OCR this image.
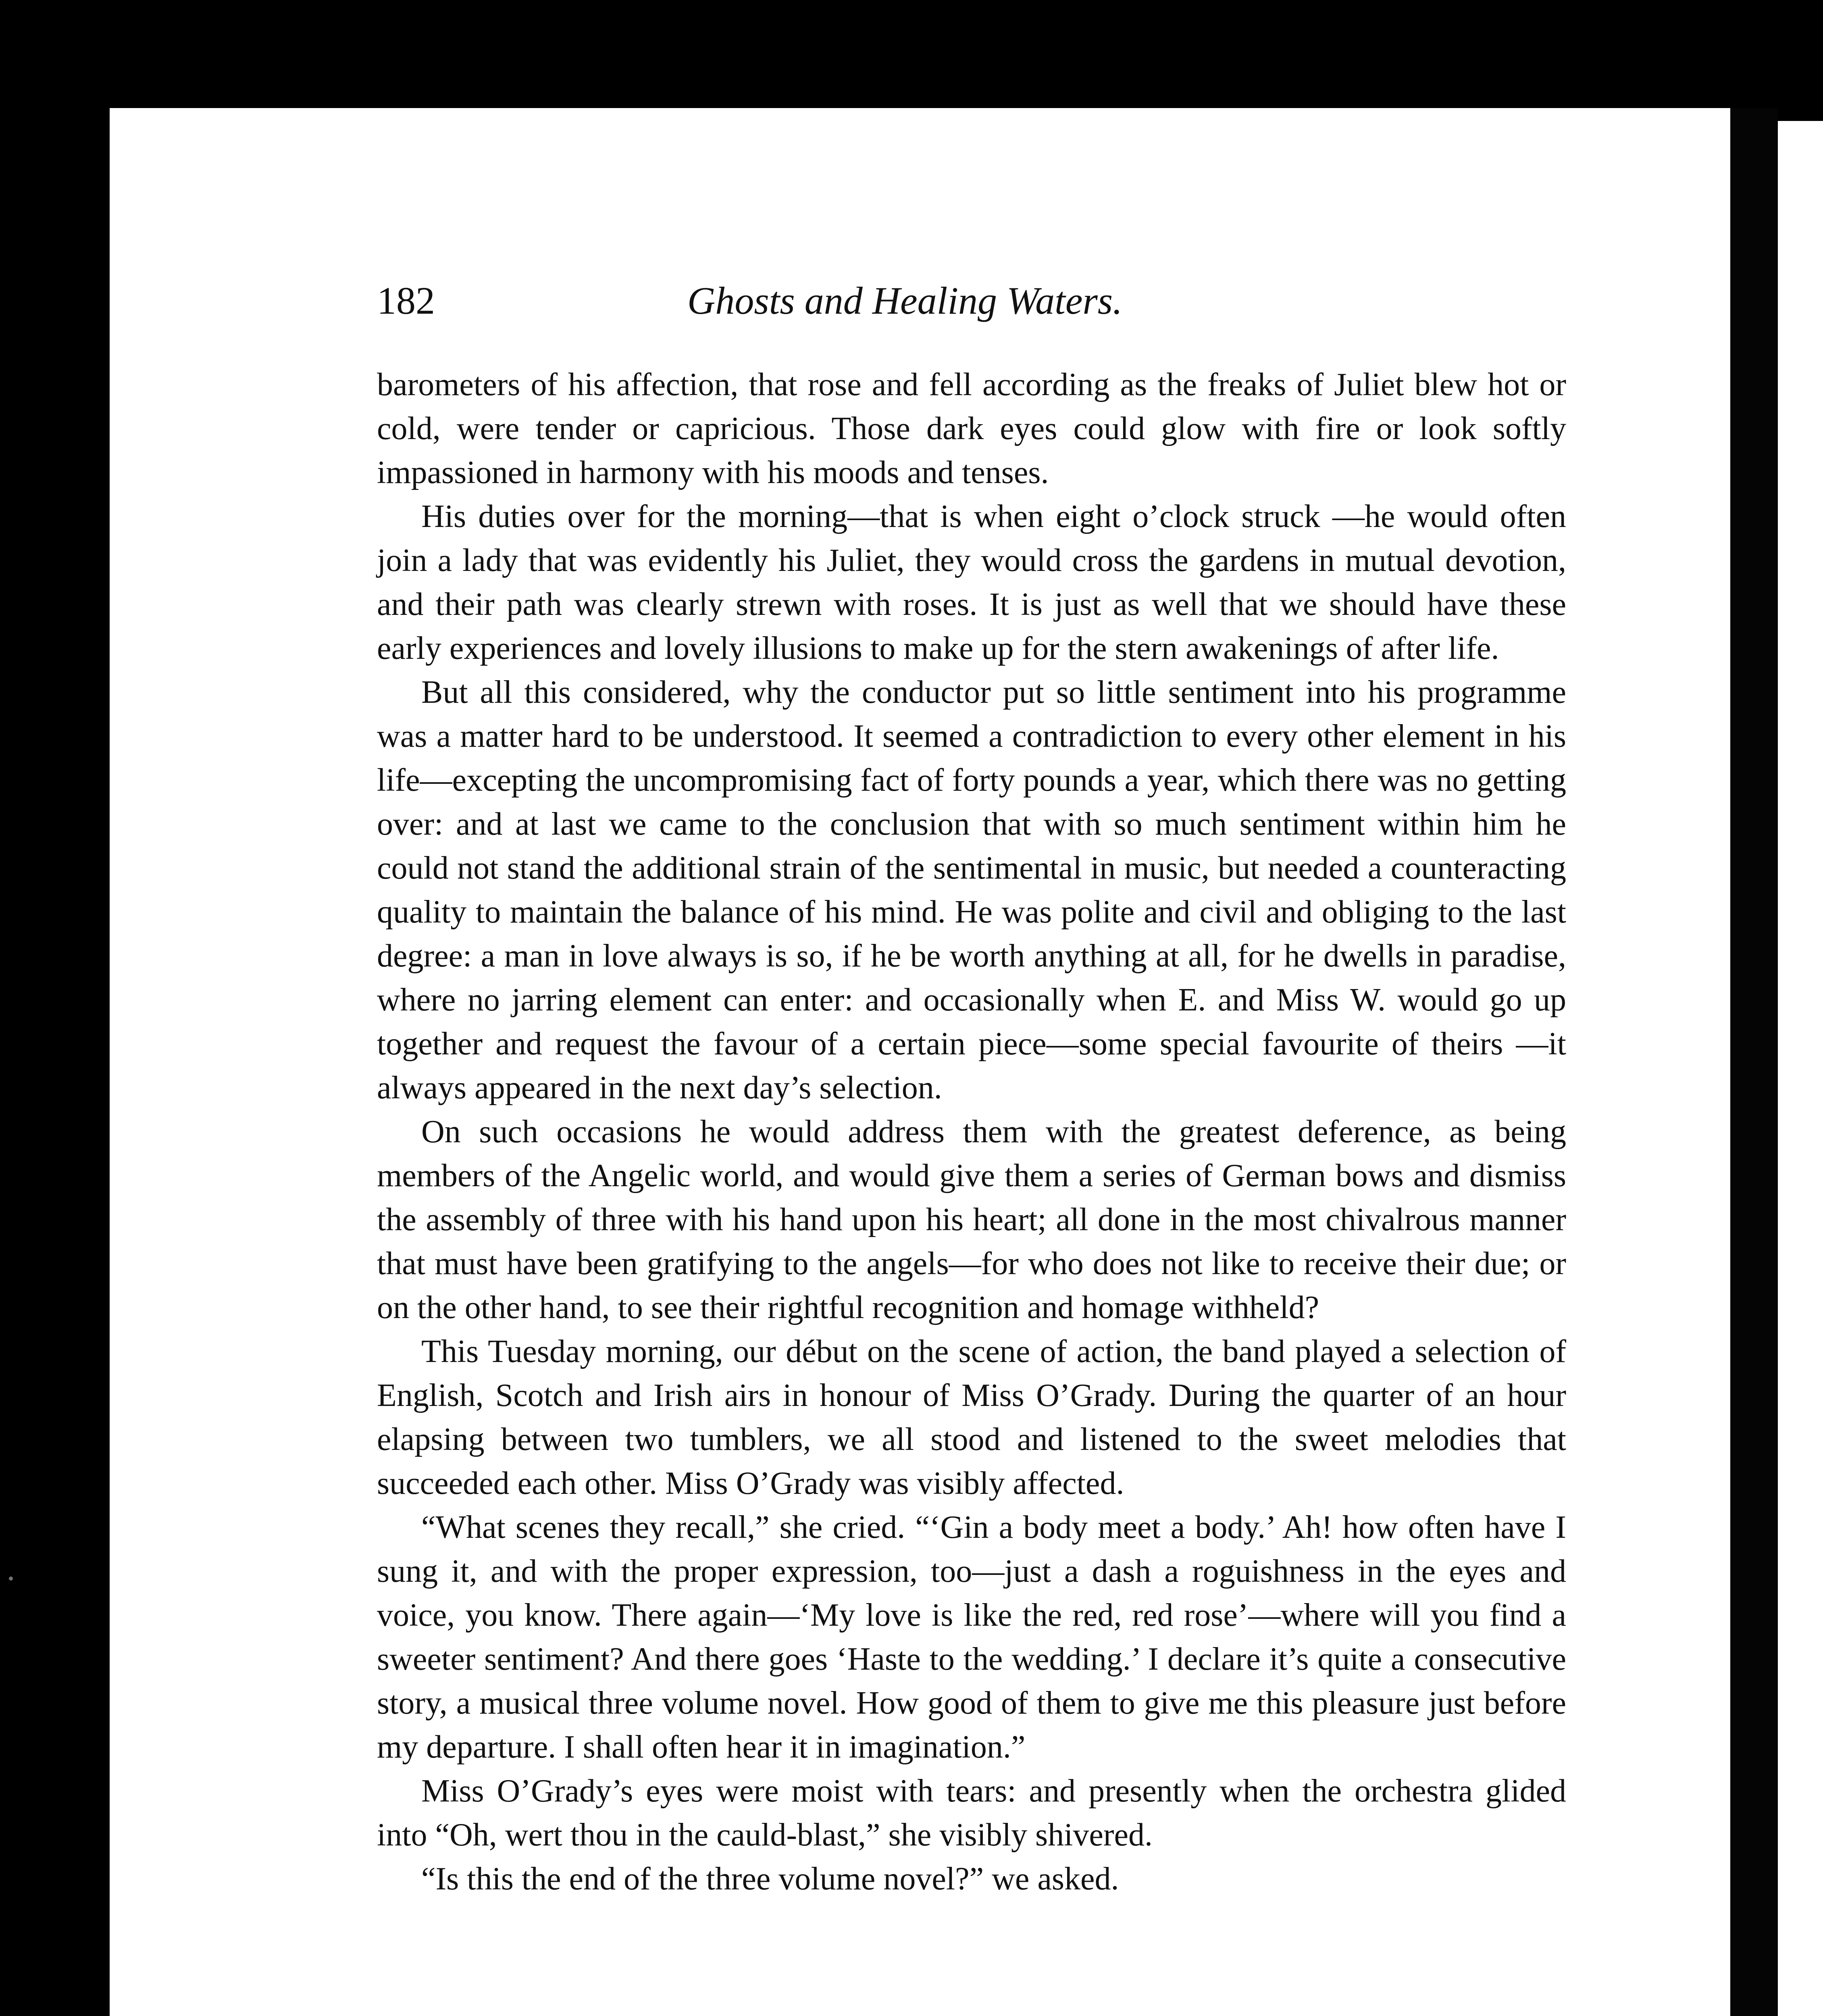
182	Ghosts and Healing Waters.

barometers of his affection, that rose and fell according as the freaks of Juliet blew hot or cold, were tender or capricious. Those dark eyes could glow with fire or look softly impassioned in harmony with his moods and tenses.

His duties over for the morning—that is when eight o’clock struck —he would often join a lady that was evidently his Juliet, they would cross the gardens in mutual devotion, and their path was clearly strewn with roses. It is just as well that we should have these early experiences and lovely illusions to make up for the stern awakenings of after life.

But all this considered, why the conductor put so little sentiment into his programme was a matter hard to be understood. It seemed a contradiction to every other element in his life—excepting the uncompromising fact of forty pounds a year, which there was no getting over: and at last we came to the conclusion that with so much sentiment within him he could not stand the additional strain of the sentimental in music, but needed a counteracting quality to maintain the balance of his mind. He was polite and civil and obliging to the last degree: a man in love always is so, if he be worth anything at all, for he dwells in paradise, where no jarring element can enter: and occasionally when E. and Miss W. would go up together and request the favour of a certain piece—some special favourite of theirs —it always appeared in the next day’s selection.

On such occasions he would address them with the greatest deference, as being members of the Angelic world, and would give them a series of German bows and dismiss the assembly of three with his hand upon his heart; all done in the most chivalrous manner that must have been gratifying to the angels—for who does not like to receive their due; or on the other hand, to see their rightful recognition and homage withheld?

This Tuesday morning, our début on the scene of action, the band played a selection of English, Scotch and Irish airs in honour of Miss O’Grady. During the quarter of an hour elapsing between two tumblers, we all stood and listened to the sweet melodies that succeeded each other. Miss O’Grady was visibly affected.

“What scenes they recall,” she cried. “‘Gin a body meet a body.’ Ah! how often have I sung it, and with the proper expression, too—just a dash a roguishness in the eyes and voice, you know. There again—‘My love is like the red, red rose’—where will you find a sweeter sentiment? And there goes ‘Haste to the wedding.’ I declare it’s quite a consecutive story, a musical three volume novel. How good of them to give me this pleasure just before my departure. I shall often hear it in imagination.”

Miss O’Grady’s eyes were moist with tears: and presently when the orchestra glided into “Oh, wert thou in the cauld-blast,” she visibly shivered.

“Is this the end of the three volume novel?” we asked.
